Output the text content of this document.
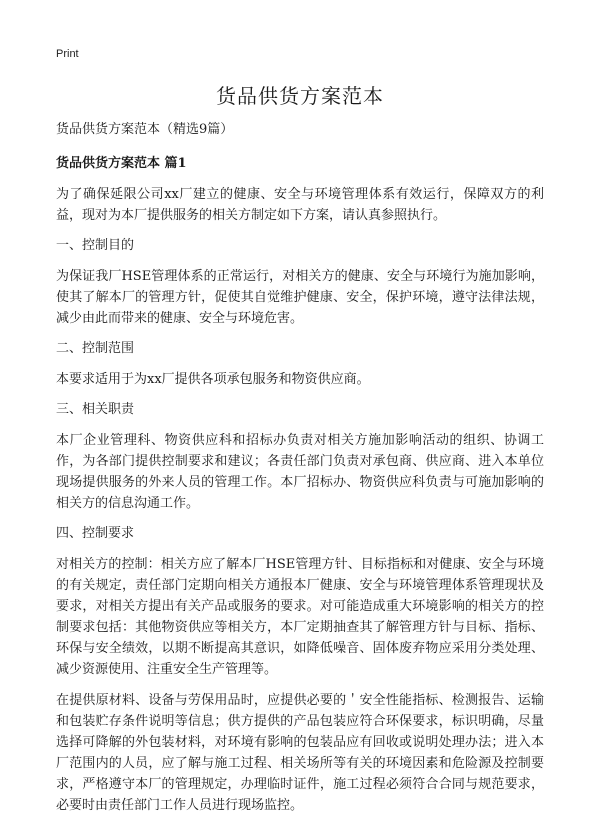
Print
货品供货方案范本

货品供货方案范本（精选9篇）

货品供货方案范本 篇1

为了确保延限公司xx厂建立的健康、安全与环境管理体系有效运行，保障双方的利益，现对为本厂提供服务的相关方制定如下方案，请认真参照执行。

一、控制目的

为保证我厂HSE管理体系的正常运行，对相关方的健康、安全与环境行为施加影响，使其了解本厂的管理方针，促使其自觉维护健康、安全，保护环境，遵守法律法规，减少由此而带来的健康、安全与环境危害。

二、控制范围

本要求适用于为xx厂提供各项承包服务和物资供应商。

三、相关职责

本厂企业管理科、物资供应科和招标办负责对相关方施加影响活动的组织、协调工作，为各部门提供控制要求和建议；各责任部门负责对承包商、供应商、进入本单位现场提供服务的外来人员的管理工作。本厂招标办、物资供应科负责与可施加影响的相关方的信息沟通工作。

四、控制要求

对相关方的控制：相关方应了解本厂HSE管理方针、目标指标和对健康、安全与环境的有关规定，责任部门定期向相关方通报本厂健康、安全与环境管理体系管理现状及要求，对相关方提出有关产品或服务的要求。对可能造成重大环境影响的相关方的控制要求包括：其他物资供应等相关方，本厂定期抽查其了解管理方针与目标、指标、环保与安全绩效，以期不断提高其意识，如降低噪音、固体废弃物应采用分类处理、减少资源使用、注重安全生产管理等。

在提供原材料、设备与劳保用品时，应提供必要的＇安全性能指标、检测报告、运输和包装贮存条件说明等信息；供方提供的产品包装应符合环保要求，标识明确，尽量选择可降解的外包装材料，对环境有影响的包装品应有回收或说明处理办法；进入本厂范围内的人员，应了解与施工过程、相关场所等有关的环境因素和危险源及控制要求，严格遵守本厂的管理规定，办理临时证件，施工过程必须符合合同与规范要求，必要时由责任部门工作人员进行现场监控。
